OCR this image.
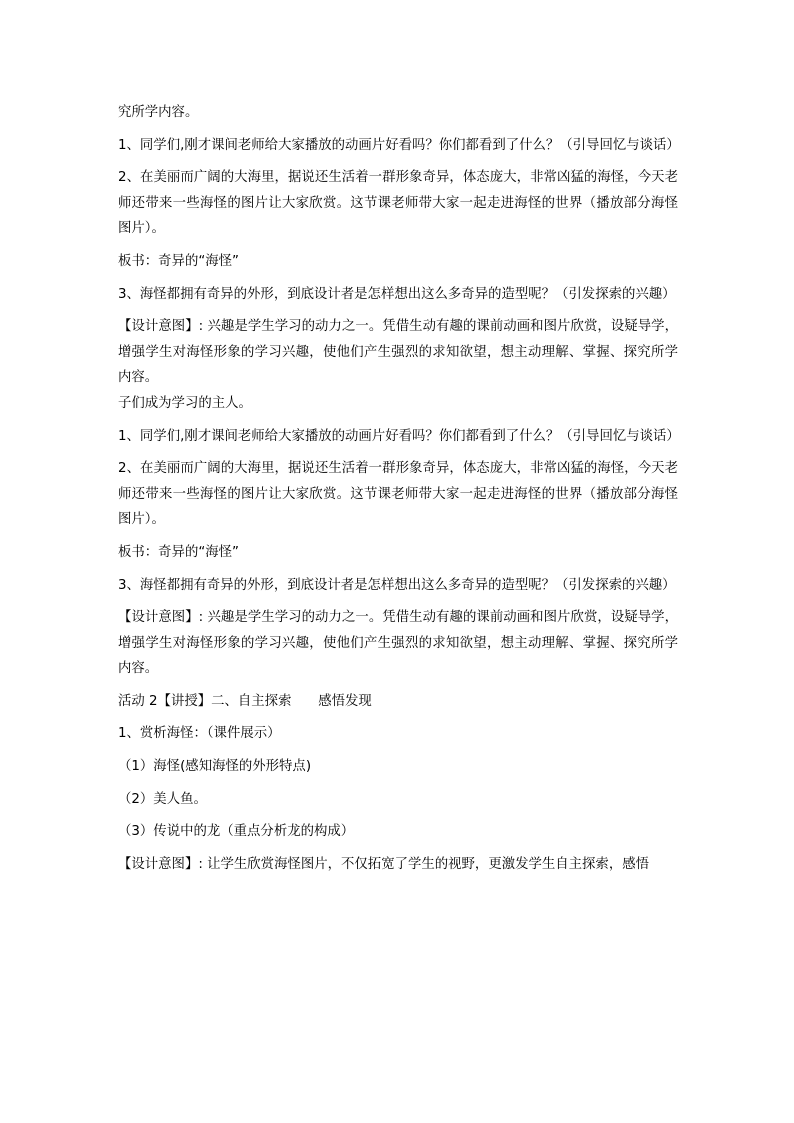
究所学内容。

1、同学们,刚才课间老师给大家播放的动画片好看吗？你们都看到了什么？（引导回忆与谈话）

2、在美丽而广阔的大海里，据说还生活着一群形象奇异，体态庞大，非常凶猛的海怪，今天老师还带来一些海怪的图片让大家欣赏。这节课老师带大家一起走进海怪的世界（播放部分海怪图片）。

板书：奇异的“海怪”

3、海怪都拥有奇异的外形，到底设计者是怎样想出这么多奇异的造型呢？（引发探索的兴趣）

【设计意图】: 兴趣是学生学习的动力之一。凭借生动有趣的课前动画和图片欣赏，设疑导学，增强学生对海怪形象的学习兴趣，使他们产生强烈的求知欲望，想主动理解、掌握、探究所学内容。

子们成为学习的主人。

1、同学们,刚才课间老师给大家播放的动画片好看吗？你们都看到了什么？（引导回忆与谈话）

2、在美丽而广阔的大海里，据说还生活着一群形象奇异，体态庞大，非常凶猛的海怪，今天老师还带来一些海怪的图片让大家欣赏。这节课老师带大家一起走进海怪的世界（播放部分海怪图片）。

板书：奇异的“海怪”

3、海怪都拥有奇异的外形，到底设计者是怎样想出这么多奇异的造型呢？（引发探索的兴趣）

【设计意图】: 兴趣是学生学习的动力之一。凭借生动有趣的课前动画和图片欣赏，设疑导学，增强学生对海怪形象的学习兴趣，使他们产生强烈的求知欲望，想主动理解、掌握、探究所学内容。

活动 2【讲授】二、自主探索　　感悟发现

1、赏析海怪：（课件展示）

（1）海怪(感知海怪的外形特点)

（2）美人鱼。

（3）传说中的龙（重点分析龙的构成）

【设计意图】: 让学生欣赏海怪图片，不仅拓宽了学生的视野，更激发学生自主探索，感悟
